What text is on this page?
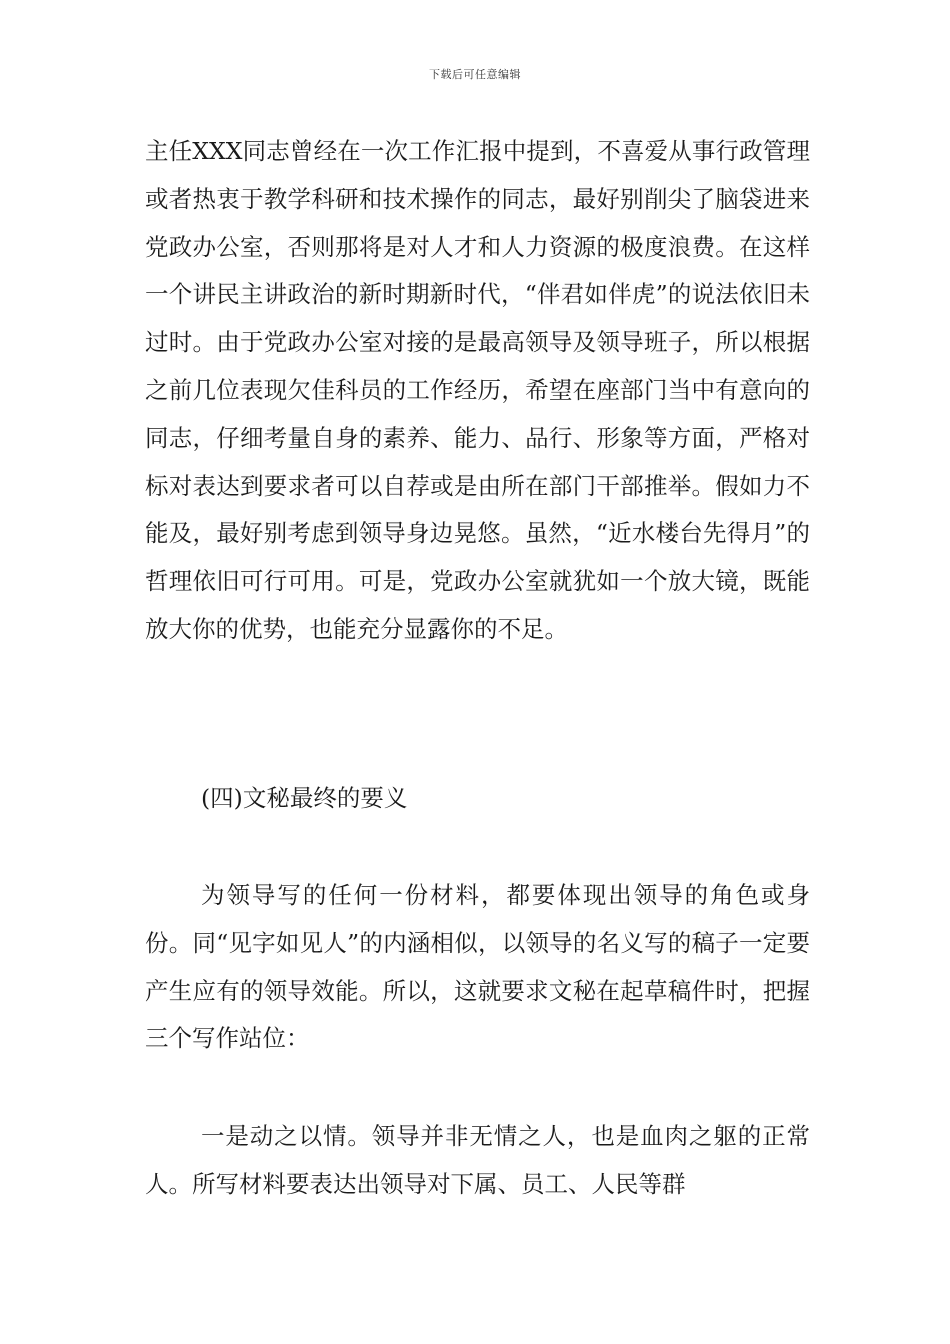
下载后可任意编辑

主任XXX同志曾经在一次工作汇报中提到，不喜爱从事行政管理或者热衷于教学科研和技术操作的同志，最好别削尖了脑袋进来党政办公室，否则那将是对人才和人力资源的极度浪费。在这样一个讲民主讲政治的新时期新时代，“伴君如伴虎”的说法依旧未过时。由于党政办公室对接的是最高领导及领导班子，所以根据之前几位表现欠佳科员的工作经历，希望在座部门当中有意向的同志，仔细考量自身的素养、能力、品行、形象等方面，严格对标对表达到要求者可以自荐或是由所在部门干部推举。假如力不能及，最好别考虑到领导身边晃悠。虽然，“近水楼台先得月”的哲理依旧可行可用。可是，党政办公室就犹如一个放大镜，既能放大你的优势，也能充分显露你的不足。

(四)文秘最终的要义

为领导写的任何一份材料，都要体现出领导的角色或身份。同“见字如见人”的内涵相似，以领导的名义写的稿子一定要产生应有的领导效能。所以，这就要求文秘在起草稿件时，把握三个写作站位：

一是动之以情。领导并非无情之人，也是血肉之躯的正常人。所写材料要表达出领导对下属、员工、人民等群
